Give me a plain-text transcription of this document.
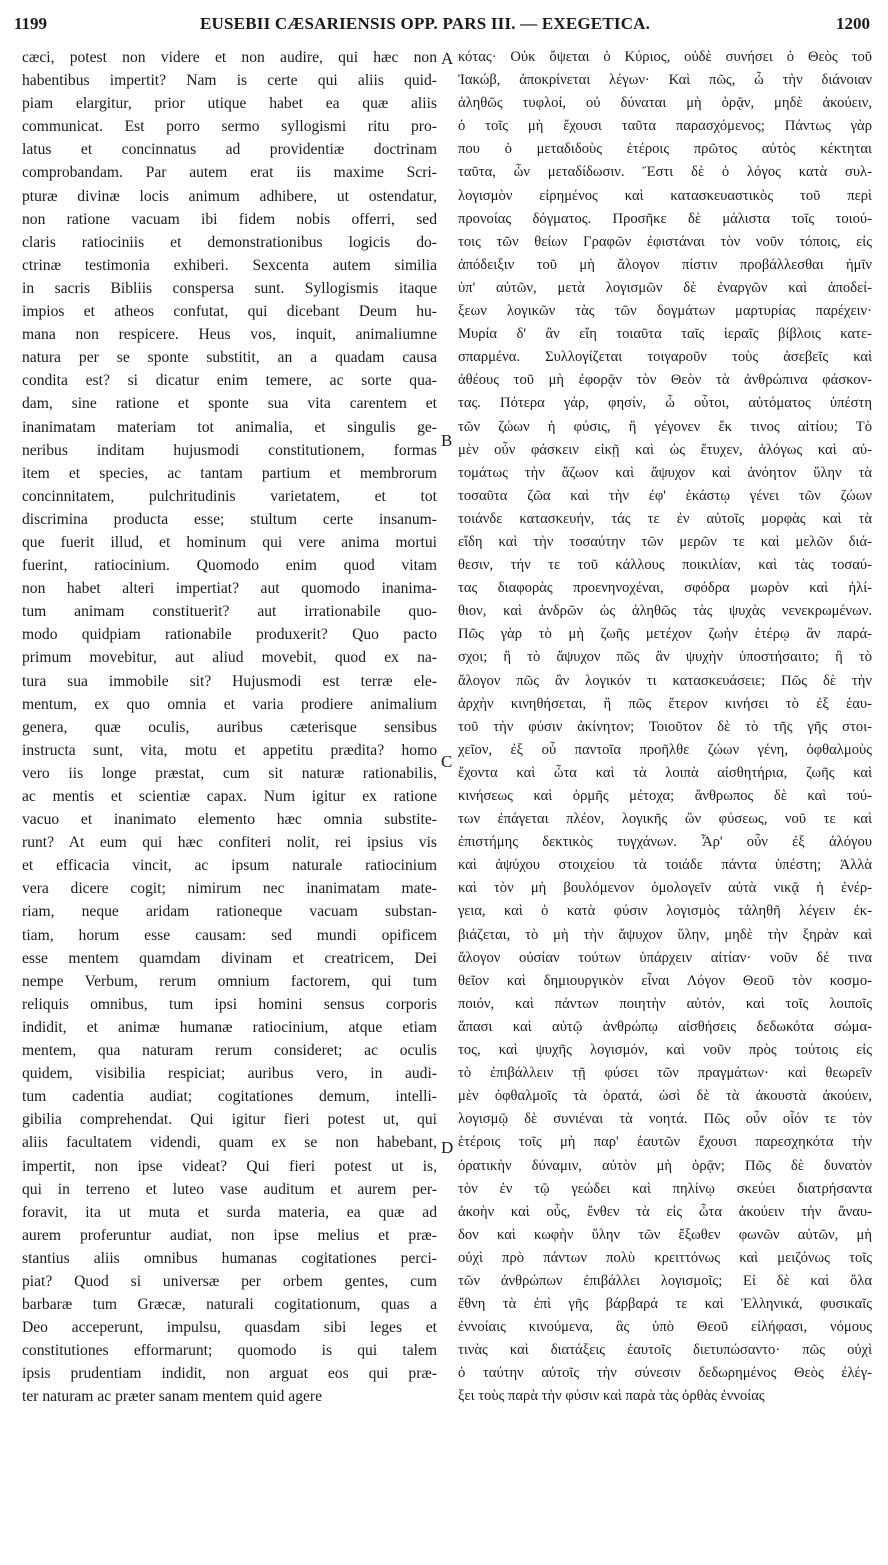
1199	EUSEBII CÆSARIENSIS OPP. PARS III. — EXEGETICA.	1200
cæci, potest non videre et non audire, qui hæc non
habentibus impertit? Nam is certe qui aliis quid-
piam elargitur, prior utique habet ea quæ aliis
communicat. Est porro sermo syllogismi ritu pro-
latus et concinnatus ad providentiæ doctrinam
comprobandam. Par autem erat iis maxime Scri-
pturæ divinæ locis animum adhibere, ut ostendatur,
non ratione vacuam ibi fidem nobis offerri, sed
claris ratiociniis et demonstrationibus logicis do-
ctrinæ testimonia exhiberi. Sexcenta autem similia
in sacris Bibliis conspersa sunt. Syllogismis itaque
impios et atheos confutat, qui dicebant Deum hu-
mana non respicere. Heus vos, inquit, animaliumne
natura per se sponte substitit, an a quadam causa
condita est? si dicatur enim temere, ac sorte qua-
dam, sine ratione et sponte sua vita carentem et
inanimatam materiam tot animalia, et singulis ge-
neribus inditam hujusmodi constitutionem, formas
item et species, ac tantam partium et membrorum
concinnitatem, pulchritudinis varietatem, et tot
discrimina producta esse; stultum certe insanum-
que fuerit illud, et hominum qui vere anima mortui
fuerint, ratiocinium. Quomodo enim quod vitam
non habet alteri impertiat? aut quomodo inanima-
tum animam constituerit? aut irrationabile quo-
modo quidpiam rationabile produxerit? Quo pacto
primum movebitur, aut aliud movebit, quod ex na-
tura sua immobile sit? Hujusmodi est terræ ele-
mentum, ex quo omnia et varia prodiere animalium
genera, quæ oculis, auribus cæterisque sensibus
instructa sunt, vita, motu et appetitu prædita? homo
vero iis longe præstat, cum sit naturæ rationabilis,
ac mentis et scientiæ capax. Num igitur ex ratione
vacuo et inanimato elemento hæc omnia substite-
runt? At eum qui hæc confiteri nolit, rei ipsius vis
et efficacia vincit, ac ipsum naturale ratiocinium
vera dicere cogit; nimirum nec inanimatam mate-
riam, neque aridam rationeque vacuam substan-
tiam, horum esse causam: sed mundi opificem
esse mentem quamdam divinam et creatricem, Dei
nempe Verbum, rerum omnium factorem, qui tum
reliquis omnibus, tum ipsi homini sensus corporis
indidit, et animæ humanæ ratiocinium, atque etiam
mentem, qua naturam rerum consideret; ac oculis
quidem, visibilia respiciat; auribus vero, in audi-
tum cadentia audiat; cogitationes demum, intelli-
gibilia comprehendat. Qui igitur fieri potest ut, qui
aliis facultatem videndi, quam ex se non habebant,
impertit, non ipse videat? Qui fieri potest ut is,
qui in terreno et luteo vase auditum et aurem per-
foravit, ita ut muta et surda materia, ea quæ ad
aurem proferuntur audiat, non ipse melius et præ-
stantius aliis omnibus humanas cogitationes perci-
piat? Quod si universæ per orbem gentes, cum
barbaræ tum Græcæ, naturali cogitationum, quas a
Deo acceperunt, impulsu, quasdam sibi leges et
constitutiones efformarunt; quomodo is qui talem
ipsis prudentiam indidit, non arguat eos qui præ-
ter naturam ac præter sanam mentem quid agere
κότας· Οὐκ ὄψεται ὁ Κύριος, οὐδὲ συνήσει ὁ Θεὸς τοῦ
Ἰακώβ, ἀποκρίνεται λέγων· Καὶ πῶς, ὦ τὴν διάνοιαν
ἀληθῶς τυφλοί, οὐ δύναται μὴ ὁρᾷν, μηδὲ ἀκούειν,
ὁ τοῖς μὴ ἔχουσι ταῦτα παρασχόμενος; Πάντως γὰρ
που ὁ μεταδιδοὺς ἑτέροις πρῶτος αὐτὸς κέκτηται
ταῦτα, ὧν μεταδίδωσιν. Ἔστι δὲ ὁ λόγος κατὰ συλ-
λογισμὸν εἰρημένος καὶ κατασκευαστικὸς τοῦ περὶ
προνοίας δόγματος. Προσῆκε δὲ μάλιστα τοῖς τοιού-
τοις τῶν θείων Γραφῶν ἐφιστάναι τὸν νοῦν τόποις, εἰς
ἀπόδειξιν τοῦ μὴ ἄλογον πίστιν προβάλλεσθαι ἡμῖν
ὑπ' αὐτῶν, μετὰ λογισμῶν δὲ ἐναργῶν καὶ ἀποδεί-
ξεων λογικῶν τὰς τῶν δογμάτων μαρτυρίας παρέχειν·
Μυρία δ' ἂν εἴη τοιαῦτα ταῖς ἱεραῖς βίβλοις κατε-
σπαρμένα. Συλλογίζεται τοιγαροῦν τοὺς ἀσεβεῖς καὶ
ἀθέους τοῦ μὴ ἐφορᾷν τὸν Θεὸν τὰ ἀνθρώπινα φάσκον-
τας. Πότερα γάρ, φησίν, ὦ οὗτοι, αὐτόματος ὑπέστη
τῶν ζώων ἡ φύσις, ἢ γέγονεν ἔκ τινος αἰτίου; Τὸ
μὲν οὖν φάσκειν εἰκῇ καὶ ὡς ἔτυχεν, ἀλόγως καὶ αὐ-
τομάτως τὴν ἄζωον καὶ ἄψυχον καὶ ἀνόητον ὕλην τὰ
τοσαῦτα ζῶα καὶ τὴν ἐφ' ἑκάστῳ γένει τῶν ζώων
τοιάνδε κατασκευήν, τάς τε ἐν αὐτοῖς μορφὰς καὶ τὰ
εἴδη καὶ τὴν τοσαύτην τῶν μερῶν τε καὶ μελῶν διά-
θεσιν, τήν τε τοῦ κάλλους ποικιλίαν, καὶ τὰς τοσαύ-
τας διαφορὰς προενηνοχέναι, σφόδρα μωρὸν καὶ ἠλί-
θιον, καὶ ἀνδρῶν ὡς ἀληθῶς τὰς ψυχὰς νενεκρωμένων.
Πῶς γὰρ τὸ μὴ ζωῆς μετέχον ζωὴν ἑτέρῳ ἂν παρά-
σχοι; ἢ τὸ ἄψυχον πῶς ἂν ψυχὴν ὑποστήσαιτο; ἢ τὸ
ἄλογον πῶς ἂν λογικόν τι κατασκευάσειε; Πῶς δὲ τὴν
ἀρχὴν κινηθήσεται, ἢ πῶς ἕτερον κινήσει τὸ ἐξ ἑαυ-
τοῦ τὴν φύσιν ἀκίνητον; Τοιοῦτον δὲ τὸ τῆς γῆς στοι-
χεῖον, ἐξ οὗ παντοῖα προῆλθε ζώων γένη, ὀφθαλμοὺς
ἔχοντα καὶ ὦτα καὶ τὰ λοιπὰ αἰσθητήρια, ζωῆς καὶ
κινήσεως καὶ ὁρμῆς μέτοχα; ἄνθρωπος δὲ καὶ τού-
των ἐπάγεται πλέον, λογικῆς ὢν φύσεως, νοῦ τε καὶ
ἐπιστήμης δεκτικὸς τυγχάνων. Ἆρ' οὖν ἐξ ἀλόγου
καὶ ἀψύχου στοιχείου τὰ τοιάδε πάντα ὑπέστη; Ἀλλὰ
καὶ τὸν μὴ βουλόμενον ὁμολογεῖν αὐτὰ νικᾷ ἡ ἐνέρ-
γεια, καὶ ὁ κατὰ φύσιν λογισμὸς τἀληθῆ λέγειν ἐκ-
βιάζεται, τὸ μὴ τὴν ἄψυχον ὕλην, μηδὲ τὴν ξηρὰν καὶ
ἄλογον οὐσίαν τούτων ὑπάρχειν αἰτίαν· νοῦν δέ τινα
θεῖον καὶ δημιουργικὸν εἶναι Λόγον Θεοῦ τὸν κοσμο-
ποιόν, καὶ πάντων ποιητὴν αὐτόν, καὶ τοῖς λοιποῖς
ἅπασι καὶ αὐτῷ ἀνθρώπῳ αἰσθήσεις δεδωκότα σώμα-
τος, καὶ ψυχῆς λογισμόν, καὶ νοῦν πρὸς τούτοις εἰς
τὸ ἐπιβάλλειν τῇ φύσει τῶν πραγμάτων· καὶ θεωρεῖν
μὲν ὀφθαλμοῖς τὰ ὁρατά, ὡσὶ δὲ τὰ ἀκουστὰ ἀκούειν,
λογισμῷ δὲ συνιέναι τὰ νοητά. Πῶς οὖν οἷόν τε τὸν
ἑτέροις τοῖς μὴ παρ' ἑαυτῶν ἔχουσι παρεσχηκότα τὴν
ὁρατικὴν δύναμιν, αὐτὸν μὴ ὁρᾷν; Πῶς δὲ δυνατὸν
τὸν ἐν τῷ γεώδει καὶ πηλίνῳ σκεύει διατρήσαντα
ἀκοὴν καὶ οὖς, ἔνθεν τὰ εἰς ὦτα ἀκούειν τὴν ἄναυ-
δον καὶ κωφὴν ὕλην τῶν ἔξωθεν φωνῶν αὐτῶν, μὴ
οὐχὶ πρὸ πάντων πολὺ κρειττόνως καὶ μειζόνως τοῖς
τῶν ἀνθρώπων ἐπιβάλλει λογισμοῖς; Εἰ δὲ καὶ ὅλα
ἔθνη τὰ ἐπὶ γῆς βάρβαρά τε καὶ Ἑλληνικά, φυσικαῖς
ἐννοίαις κινούμενα, ἃς ὑπὸ Θεοῦ εἰλήφασι, νόμους
τινὰς καὶ διατάξεις ἑαυτοῖς διετυπώσαντο· πῶς οὐχὶ
ὁ ταύτην αὐτοῖς τὴν σύνεσιν δεδωρημένος Θεὸς ἐλέγ-
ξει τοὺς παρὰ τὴν φύσιν καὶ παρὰ τὰς ὀρθὰς ἐννοίας
A
B
C
D
